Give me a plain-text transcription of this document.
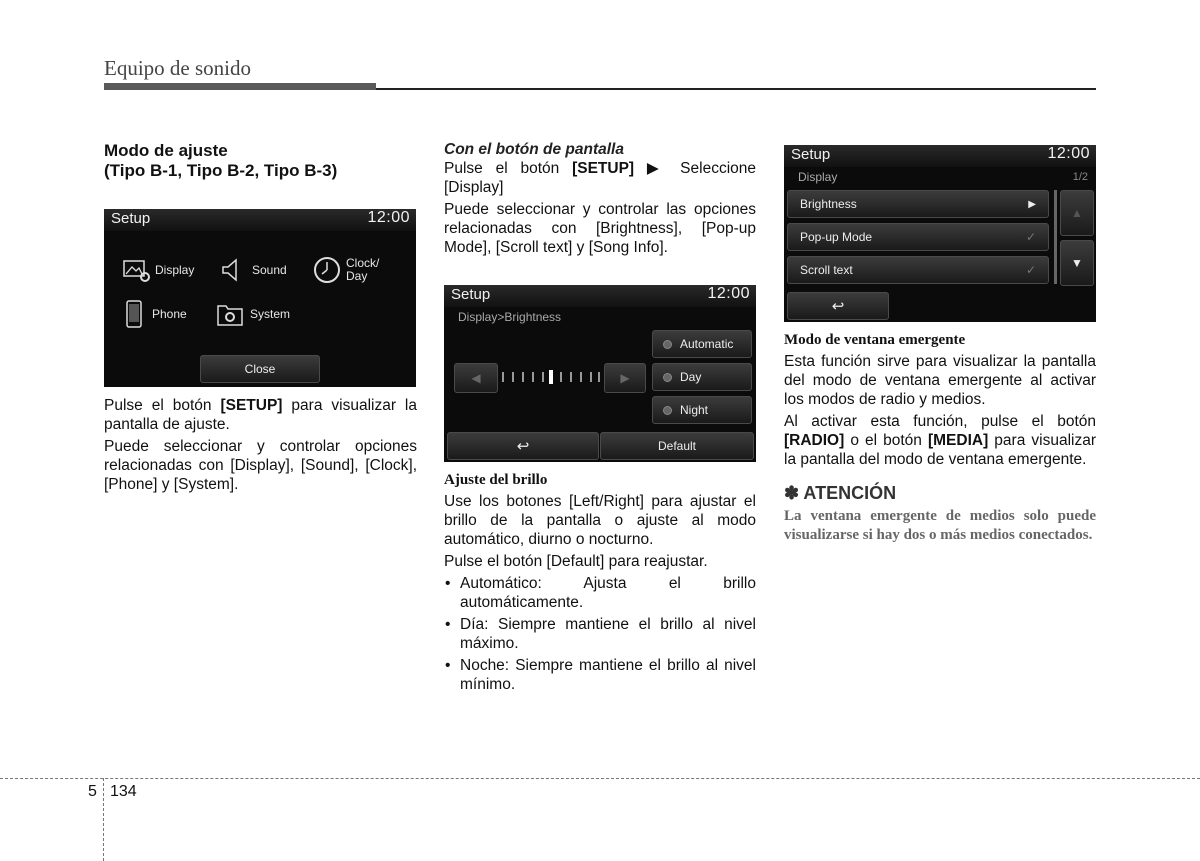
Equipo de sonido
Modo de ajuste
(Tipo B-1, Tipo B-2, Tipo B-3)
Setup	12:00
Display	Sound	Clock/
Day
Phone	System
Close

Pulse el botón [SETUP] para visualizar la pantalla de ajuste.

Puede seleccionar y controlar opciones relacionadas con [Display], [Sound], [Clock], [Phone] y [System].

Con el botón de pantalla

Pulse el botón [SETUP] ▶ Seleccione [Display]

Puede seleccionar y controlar las opciones relacionadas con [Brightness], [Pop-up Mode], [Scroll text] y [Song Info].

Setup	12:00
Display>Brightness
◀	▶
Automatic
Day
Night
↩	Default
Ajuste del brillo

Use los botones [Left/Right] para ajustar el brillo de la pantalla o ajuste al modo automático, diurno o nocturno.

Pulse el botón [Default] para reajustar.

• Automático: Ajusta el brillo automáticamente.
• Día: Siempre mantiene el brillo al nivel máximo.
• Noche: Siempre mantiene el brillo al nivel mínimo.
Setup	12:00
Display	1/2
Brightness	▶
Pop-up Mode	✓
Scroll text	✓
▲
▼
↩
Modo de ventana emergente

Esta función sirve para visualizar la pantalla del modo de ventana emergente al activar los modos de radio y medios.

Al activar esta función, pulse el botón [RADIO] o el botón [MEDIA] para visualizar la pantalla del modo de ventana emergente.

✽ ATENCIÓN

La ventana emergente de medios solo puede visualizarse si hay dos o más medios conectados.

5 134
